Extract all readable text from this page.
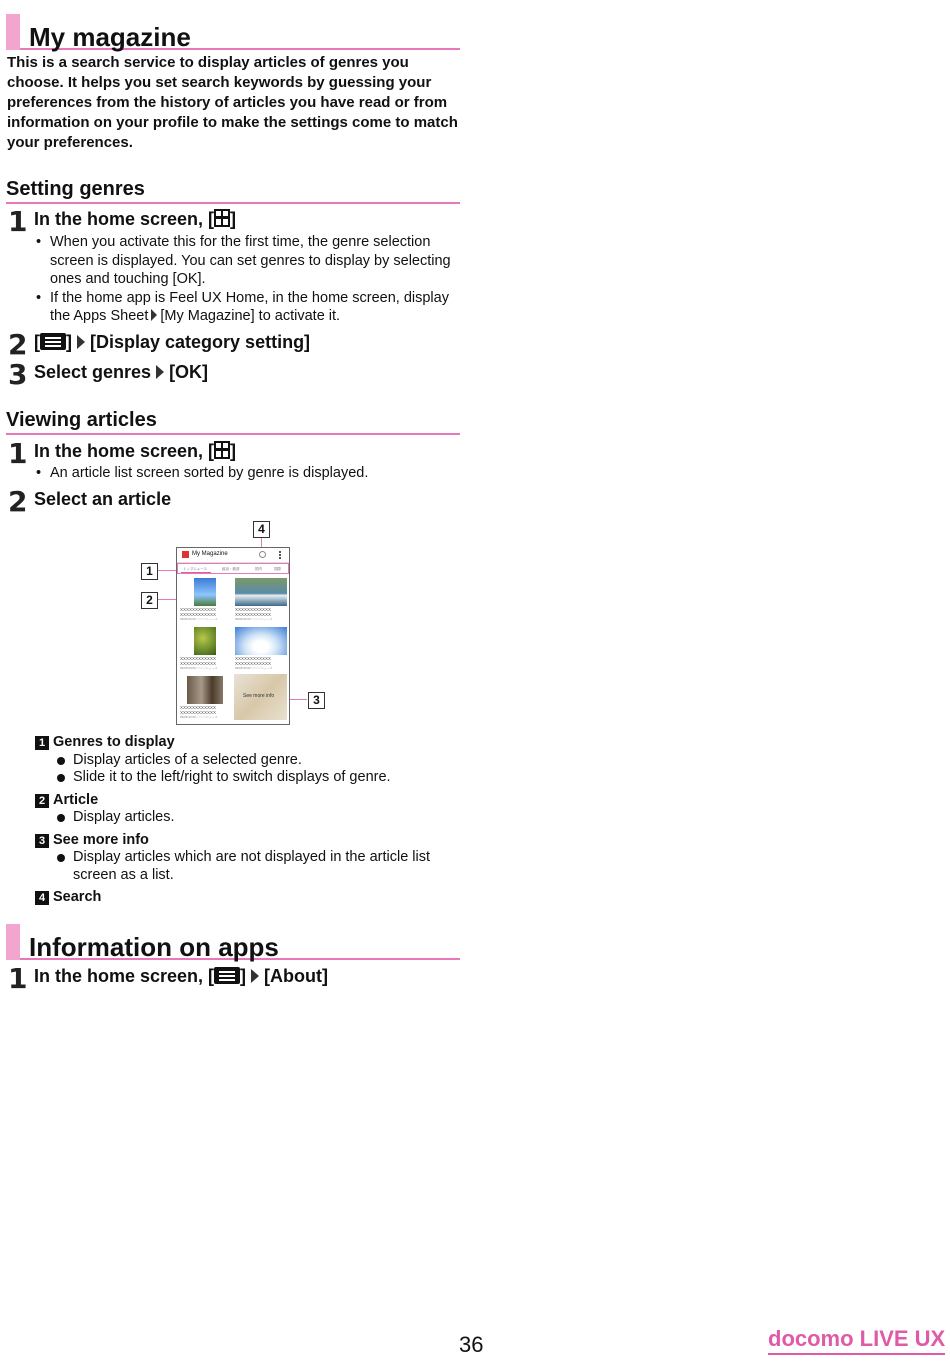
My magazine
This is a search service to display articles of genres you choose. It helps you set search keywords by guessing your preferences from the history of articles you have read or from information on your profile to make the settings come to match your preferences.
Setting genres
1 In the home screen, [ ]
• When you activate this for the first time, the genre selection screen is displayed. You can set genres to display by selecting ones and touching [OK].
• If the home app is Feel UX Home, in the home screen, display the Apps Sheet [My Magazine] to activate it.
2 [ ] [Display category setting]
3 Select genres [OK]
Viewing articles
1 In the home screen, [ ]
• An article list screen sorted by genre is displayed.
2 Select an article
1
2
3
4
My Magazine
トップニュース	政治・経済	国内	国際
XXXXXXXXXXXX
XXXXXXXXXXXX
09/08 00:00 ○○○○○ニュース
XXXXXXXXXXXX
XXXXXXXXXXXX
09/08 00:00 ○○○○○ニュース
XXXXXXXXXXXX
XXXXXXXXXXXX
09/08 00:00 ○○○○○ニュース
XXXXXXXXXXXX
XXXXXXXXXXXX
09/08 00:00 ○○○○○ニュース
XXXXXXXXXXXX
XXXXXXXXXXXX
09/08 00:00 ○○○○○ニュース
See more info
1 Genres to display
Display articles of a selected genre.
Slide it to the left/right to switch displays of genre.
2 Article
Display articles.
3 See more info
Display articles which are not displayed in the article list screen as a list.
4 Search
Information on apps
1 In the home screen, [ ] [About]
36	docomo LIVE UX
